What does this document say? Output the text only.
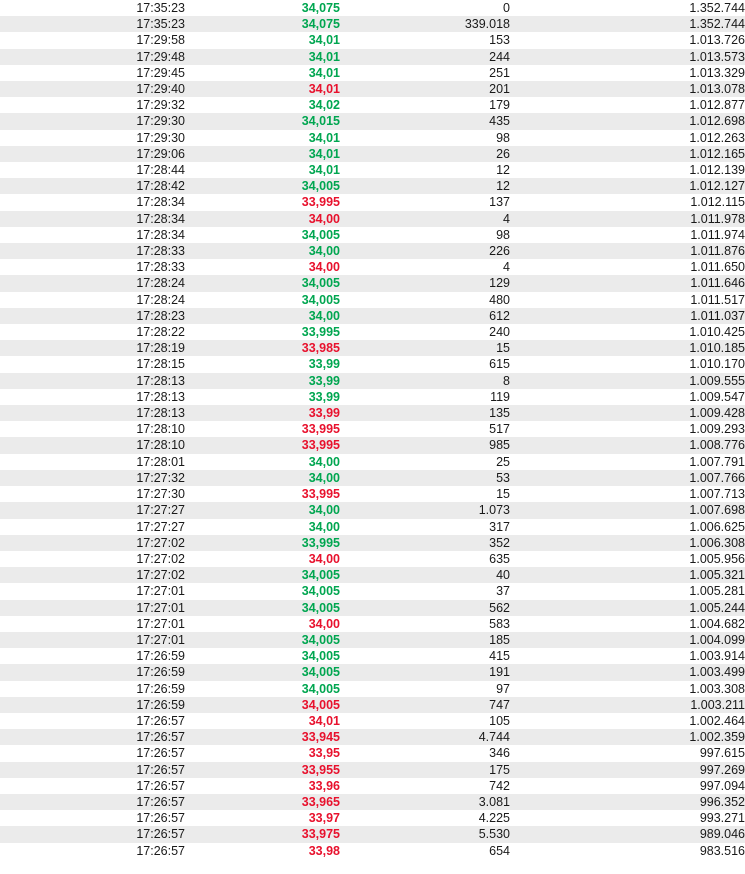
17:35:23	34,075	0	1.352.744
17:35:23	34,075	339.018	1.352.744
17:29:58	34,01	153	1.013.726
17:29:48	34,01	244	1.013.573
17:29:45	34,01	251	1.013.329
17:29:40	34,01	201	1.013.078
17:29:32	34,02	179	1.012.877
17:29:30	34,015	435	1.012.698
17:29:30	34,01	98	1.012.263
17:29:06	34,01	26	1.012.165
17:28:44	34,01	12	1.012.139
17:28:42	34,005	12	1.012.127
17:28:34	33,995	137	1.012.115
17:28:34	34,00	4	1.011.978
17:28:34	34,005	98	1.011.974
17:28:33	34,00	226	1.011.876
17:28:33	34,00	4	1.011.650
17:28:24	34,005	129	1.011.646
17:28:24	34,005	480	1.011.517
17:28:23	34,00	612	1.011.037
17:28:22	33,995	240	1.010.425
17:28:19	33,985	15	1.010.185
17:28:15	33,99	615	1.010.170
17:28:13	33,99	8	1.009.555
17:28:13	33,99	119	1.009.547
17:28:13	33,99	135	1.009.428
17:28:10	33,995	517	1.009.293
17:28:10	33,995	985	1.008.776
17:28:01	34,00	25	1.007.791
17:27:32	34,00	53	1.007.766
17:27:30	33,995	15	1.007.713
17:27:27	34,00	1.073	1.007.698
17:27:27	34,00	317	1.006.625
17:27:02	33,995	352	1.006.308
17:27:02	34,00	635	1.005.956
17:27:02	34,005	40	1.005.321
17:27:01	34,005	37	1.005.281
17:27:01	34,005	562	1.005.244
17:27:01	34,00	583	1.004.682
17:27:01	34,005	185	1.004.099
17:26:59	34,005	415	1.003.914
17:26:59	34,005	191	1.003.499
17:26:59	34,005	97	1.003.308
17:26:59	34,005	747	1.003.211
17:26:57	34,01	105	1.002.464
17:26:57	33,945	4.744	1.002.359
17:26:57	33,95	346	997.615
17:26:57	33,955	175	997.269
17:26:57	33,96	742	997.094
17:26:57	33,965	3.081	996.352
17:26:57	33,97	4.225	993.271
17:26:57	33,975	5.530	989.046
17:26:57	33,98	654	983.516
